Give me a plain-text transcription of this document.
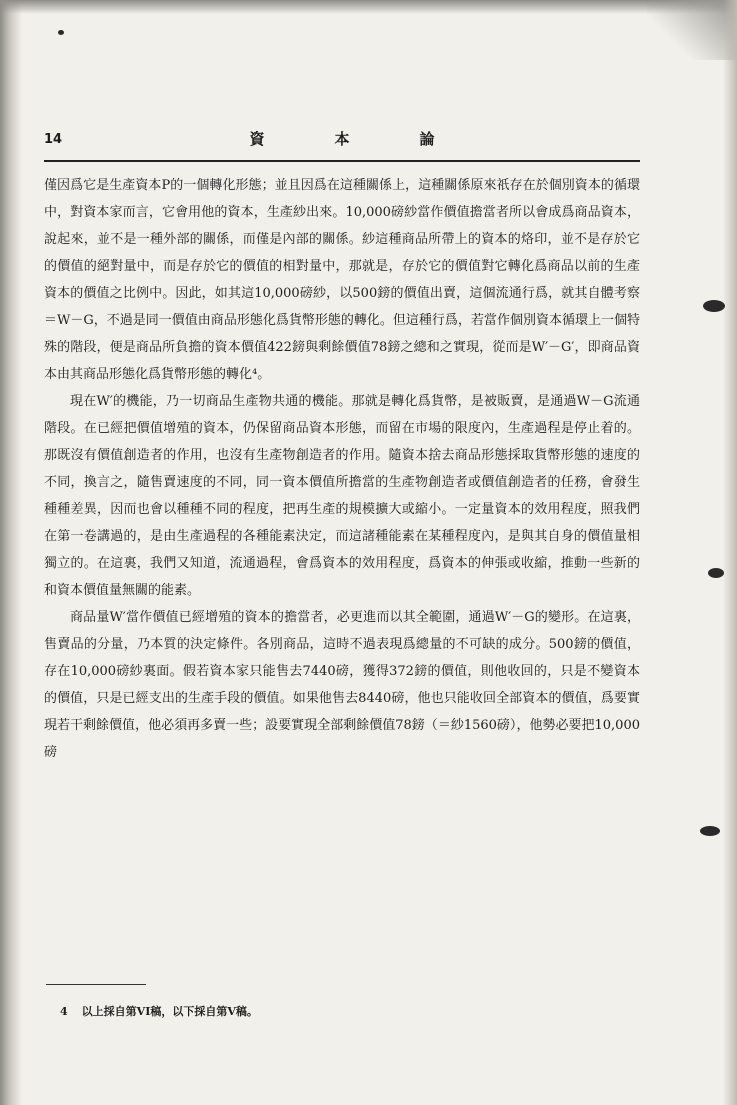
14	資本論

僅因爲它是生產資本P的一個轉化形態；並且因爲在這種關係上，這種關係原來祇存在於個別資本的循環中，對資本家而言，它會用他的資本，生產紗出來。10,000磅紗當作價值擔當者所以會成爲商品資本，說起來，並不是一種外部的關係，而僅是內部的關係。紗這種商品所帶上的資本的烙印，並不是存於它的價值的絕對量中，而是存於它的價值的相對量中，那就是，存於它的價值對它轉化爲商品以前的生產資本的價值之比例中。因此，如其這10,000磅紗，以500鎊的價值出賣，這個流通行爲，就其自體考察＝W－G，不過是同一價值由商品形態化爲貨幣形態的轉化。但這種行爲，若當作個別資本循環上一個特殊的階段，便是商品所負擔的資本價值422鎊與剩餘價值78鎊之總和之實現，從而是W′－G′，即商品資本由其商品形態化爲貨幣形態的轉化⁴。

現在W′的機能，乃一切商品生產物共通的機能。那就是轉化爲貨幣，是被販賣，是通過W－G流通階段。在已經把價值增殖的資本，仍保留商品資本形態，而留在市場的限度內，生產過程是停止着的。那既沒有價值創造者的作用，也沒有生產物創造者的作用。隨資本捨去商品形態採取貨幣形態的速度的不同，換言之，隨售賣速度的不同，同一資本價值所擔當的生產物創造者或價值創造者的任務，會發生種種差異，因而也會以種種不同的程度，把再生產的規模擴大或縮小。一定量資本的效用程度，照我們在第一卷講過的，是由生產過程的各種能素決定，而這諸種能素在某種程度內，是與其自身的價值量相獨立的。在這裏，我們又知道，流通過程，會爲資本的效用程度，爲資本的伸張或收縮，推動一些新的和資本價值量無關的能素。

商品量W′當作價值已經增殖的資本的擔當者，必更進而以其全範圍，通過W′－G的變形。在這裏，售賣品的分量，乃本質的決定條件。各別商品，這時不過表現爲總量的不可缺的成分。500鎊的價值，存在10,000磅紗裏面。假若資本家只能售去7440磅，獲得372鎊的價值，則他收回的，只是不變資本的價值，只是已經支出的生產手段的價值。如果他售去8440磅，他也只能收回全部資本的價值，爲要實現若干剩餘價值，他必須再多賣一些；設要實現全部剩餘價值78鎊（＝紗1560磅），他勢必要把10,000磅

4 以上採自第VI稿，以下採自第V稿。
